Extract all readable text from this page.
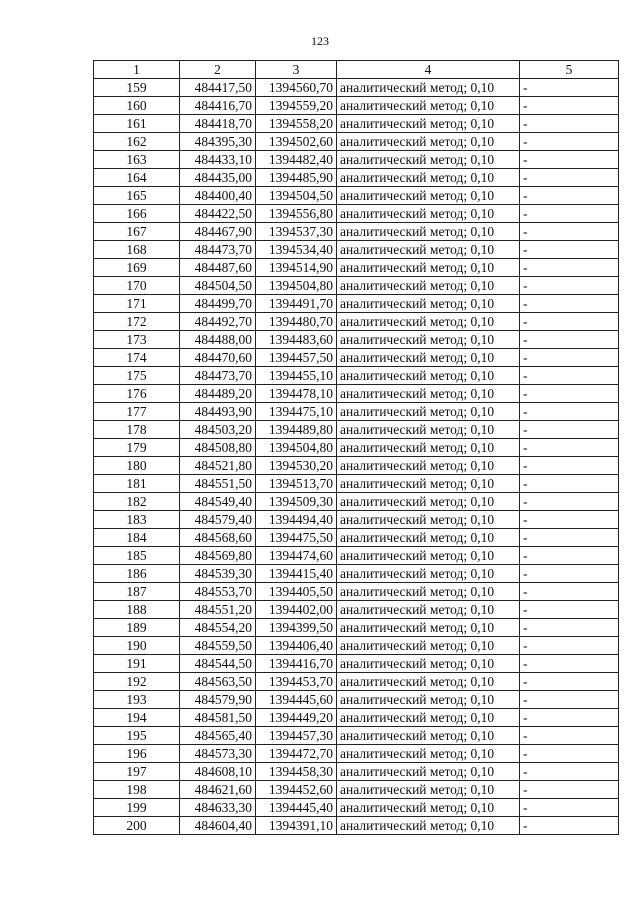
123
1	2	3	4	5
159	484417,50	1394560,70	аналитический метод; 0,10	-
160	484416,70	1394559,20	аналитический метод; 0,10	-
161	484418,70	1394558,20	аналитический метод; 0,10	-
162	484395,30	1394502,60	аналитический метод; 0,10	-
163	484433,10	1394482,40	аналитический метод; 0,10	-
164	484435,00	1394485,90	аналитический метод; 0,10	-
165	484400,40	1394504,50	аналитический метод; 0,10	-
166	484422,50	1394556,80	аналитический метод; 0,10	-
167	484467,90	1394537,30	аналитический метод; 0,10	-
168	484473,70	1394534,40	аналитический метод; 0,10	-
169	484487,60	1394514,90	аналитический метод; 0,10	-
170	484504,50	1394504,80	аналитический метод; 0,10	-
171	484499,70	1394491,70	аналитический метод; 0,10	-
172	484492,70	1394480,70	аналитический метод; 0,10	-
173	484488,00	1394483,60	аналитический метод; 0,10	-
174	484470,60	1394457,50	аналитический метод; 0,10	-
175	484473,70	1394455,10	аналитический метод; 0,10	-
176	484489,20	1394478,10	аналитический метод; 0,10	-
177	484493,90	1394475,10	аналитический метод; 0,10	-
178	484503,20	1394489,80	аналитический метод; 0,10	-
179	484508,80	1394504,80	аналитический метод; 0,10	-
180	484521,80	1394530,20	аналитический метод; 0,10	-
181	484551,50	1394513,70	аналитический метод; 0,10	-
182	484549,40	1394509,30	аналитический метод; 0,10	-
183	484579,40	1394494,40	аналитический метод; 0,10	-
184	484568,60	1394475,50	аналитический метод; 0,10	-
185	484569,80	1394474,60	аналитический метод; 0,10	-
186	484539,30	1394415,40	аналитический метод; 0,10	-
187	484553,70	1394405,50	аналитический метод; 0,10	-
188	484551,20	1394402,00	аналитический метод; 0,10	-
189	484554,20	1394399,50	аналитический метод; 0,10	-
190	484559,50	1394406,40	аналитический метод; 0,10	-
191	484544,50	1394416,70	аналитический метод; 0,10	-
192	484563,50	1394453,70	аналитический метод; 0,10	-
193	484579,90	1394445,60	аналитический метод; 0,10	-
194	484581,50	1394449,20	аналитический метод; 0,10	-
195	484565,40	1394457,30	аналитический метод; 0,10	-
196	484573,30	1394472,70	аналитический метод; 0,10	-
197	484608,10	1394458,30	аналитический метод; 0,10	-
198	484621,60	1394452,60	аналитический метод; 0,10	-
199	484633,30	1394445,40	аналитический метод; 0,10	-
200	484604,40	1394391,10	аналитический метод; 0,10	-
